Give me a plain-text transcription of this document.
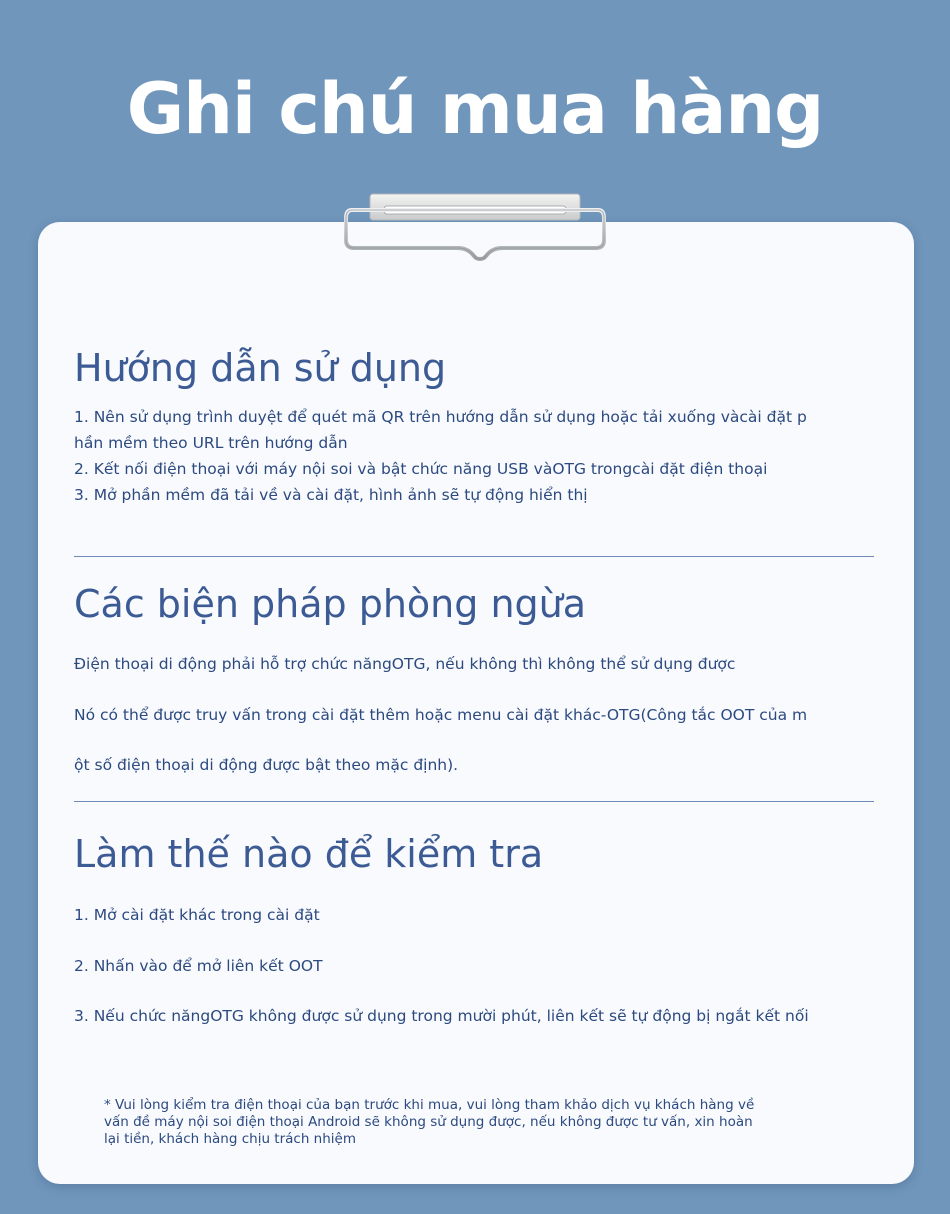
Ghi chú mua hàng
Hướng dẫn sử dụng

1. Nên sử dụng trình duyệt để quét mã QR trên hướng dẫn sử dụng hoặc tải xuống vàcài đặt p

hần mềm theo URL trên hướng dẫn

2. Kết nối điện thoại với máy nội soi và bật chức năng USB vàOTG trongcài đặt điện thoại

3. Mở phần mềm đã tải về và cài đặt, hình ảnh sẽ tự động hiển thị

Các biện pháp phòng ngừa

Điện thoại di động phải hỗ trợ chức năngOTG, nếu không thì không thể sử dụng được

Nó có thể được truy vấn trong cài đặt thêm hoặc menu cài đặt khác-OTG(Công tắc OOT của m

ột số điện thoại di động được bật theo mặc định).

Làm thế nào để kiểm tra

1. Mở cài đặt khác trong cài đặt

2. Nhấn vào để mở liên kết OOT

3. Nếu chức năngOTG không được sử dụng trong mười phút, liên kết sẽ tự động bị ngắt kết nối

* Vui lòng kiểm tra điện thoại của bạn trước khi mua, vui lòng tham khảo dịch vụ khách hàng về
vấn đề máy nội soi điện thoại Android sẽ không sử dụng được, nếu không được tư vấn, xin hoàn
lại tiền, khách hàng chịu trách nhiệm
